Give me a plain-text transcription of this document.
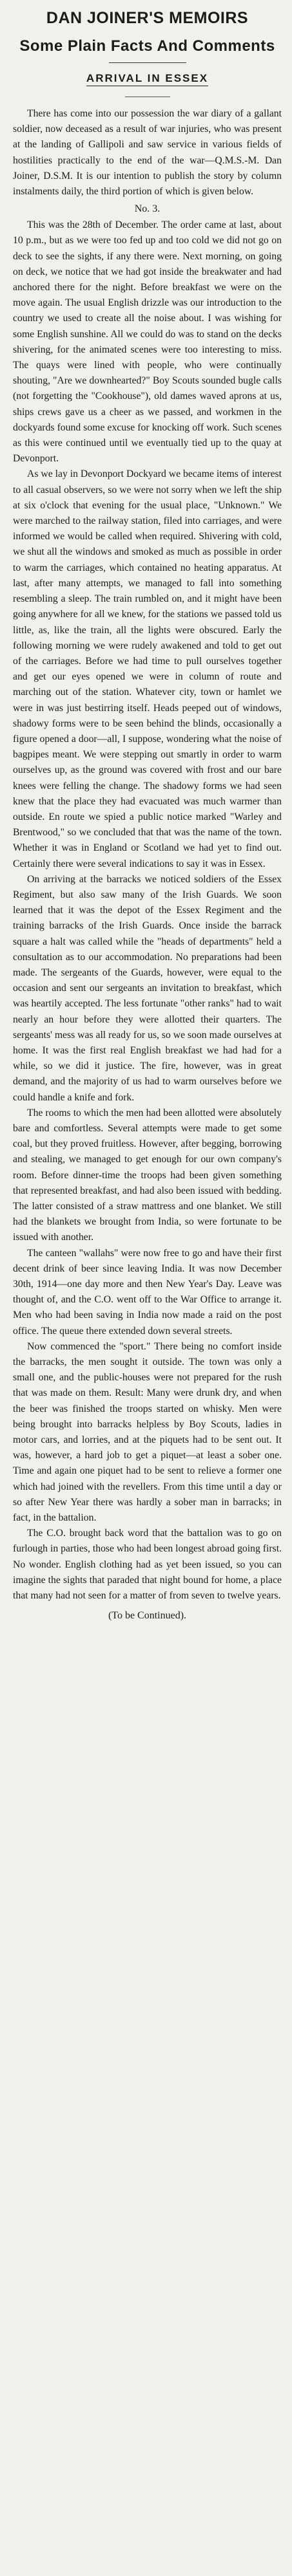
DAN JOINER'S MEMOIRS
Some Plain Facts And Comments
ARRIVAL IN ESSEX

There has come into our possession the war diary of a gallant soldier, now deceased as a result of war injuries, who was present at the landing of Gallipoli and saw service in various fields of hostilities practically to the end of the war—Q.M.S.-M. Dan Joiner, D.S.M. It is our intention to publish the story by column instalments daily, the third portion of which is given below.

No. 3.

This was the 28th of December. The order came at last, about 10 p.m., but as we were too fed up and too cold we did not go on deck to see the sights, if any there were. Next morning, on going on deck, we notice that we had got inside the breakwater and had anchored there for the night. Before breakfast we were on the move again. The usual English drizzle was our introduction to the country we used to create all the noise about. I was wishing for some English sunshine. All we could do was to stand on the decks shivering, for the animated scenes were too interesting to miss. The quays were lined with people, who were continually shouting, "Are we downhearted?" Boy Scouts sounded bugle calls (not forgetting the "Cookhouse"), old dames waved aprons at us, ships crews gave us a cheer as we passed, and workmen in the dockyards found some excuse for knocking off work. Such scenes as this were continued until we eventually tied up to the quay at Devonport.

As we lay in Devonport Dockyard we became items of interest to all casual observers, so we were not sorry when we left the ship at six o'clock that evening for the usual place, "Unknown." We were marched to the railway station, filed into carriages, and were informed we would be called when required. Shivering with cold, we shut all the windows and smoked as much as possible in order to warm the carriages, which contained no heating apparatus. At last, after many attempts, we managed to fall into something resembling a sleep. The train rumbled on, and it might have been going anywhere for all we knew, for the stations we passed told us little, as, like the train, all the lights were obscured. Early the following morning we were rudely awakened and told to get out of the carriages. Before we had time to pull ourselves together and get our eyes opened we were in column of route and marching out of the station. Whatever city, town or hamlet we were in was just bestirring itself. Heads peeped out of windows, shadowy forms were to be seen behind the blinds, occasionally a figure opened a door—all, I suppose, wondering what the noise of bagpipes meant. We were stepping out smartly in order to warm ourselves up, as the ground was covered with frost and our bare knees were felling the change. The shadowy forms we had seen knew that the place they had evacuated was much warmer than outside. En route we spied a public notice marked "Warley and Brentwood," so we concluded that that was the name of the town. Whether it was in England or Scotland we had yet to find out. Certainly there were several indications to say it was in Essex.

On arriving at the barracks we noticed soldiers of the Essex Regiment, but also saw many of the Irish Guards. We soon learned that it was the depot of the Essex Regiment and the training barracks of the Irish Guards. Once inside the barrack square a halt was called while the "heads of departments" held a consultation as to our accommodation. No preparations had been made. The sergeants of the Guards, however, were equal to the occasion and sent our sergeants an invitation to breakfast, which was heartily accepted. The less fortunate "other ranks" had to wait nearly an hour before they were allotted their quarters. The sergeants' mess was all ready for us, so we soon made ourselves at home. It was the first real English breakfast we had had for a while, so we did it justice. The fire, however, was in great demand, and the majority of us had to warm ourselves before we could handle a knife and fork.

The rooms to which the men had been allotted were absolutely bare and comfortless. Several attempts were made to get some coal, but they proved fruitless. However, after begging, borrowing and stealing, we managed to get enough for our own company's room. Before dinner-time the troops had been given something that represented breakfast, and had also been issued with bedding. The latter consisted of a straw mattress and one blanket. We still had the blankets we brought from India, so were fortunate to be issued with another.

The canteen "wallahs" were now free to go and have their first decent drink of beer since leaving India. It was now December 30th, 1914—one day more and then New Year's Day. Leave was thought of, and the C.O. went off to the War Office to arrange it. Men who had been saving in India now made a raid on the post office. The queue there extended down several streets.

Now commenced the "sport." There being no comfort inside the barracks, the men sought it outside. The town was only a small one, and the public-houses were not prepared for the rush that was made on them. Result: Many were drunk dry, and when the beer was finished the troops started on whisky. Men were being brought into barracks helpless by Boy Scouts, ladies in motor cars, and lorries, and at the piquets had to be sent out. It was, however, a hard job to get a piquet—at least a sober one. Time and again one piquet had to be sent to relieve a former one which had joined with the revellers. From this time until a day or so after New Year there was hardly a sober man in barracks; in fact, in the battalion.

The C.O. brought back word that the battalion was to go on furlough in parties, those who had been longest abroad going first. No wonder. English clothing had as yet been issued, so you can imagine the sights that paraded that night bound for home, a place that many had not seen for a matter of from seven to twelve years.

(To be Continued).
